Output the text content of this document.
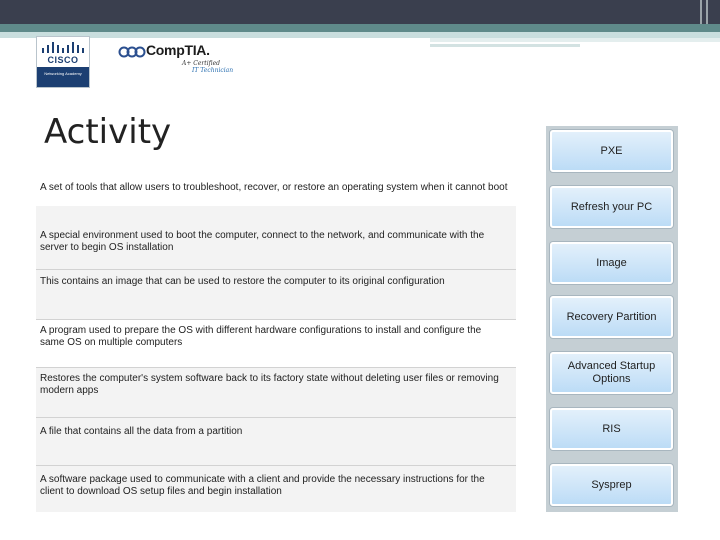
CISCO
Networking Academy
CompTIA.
A+ Certified
IT Technician
Activity
A set of tools that allow users to troubleshoot, recover, or restore an operating system when it cannot boot
A special environment used to boot the computer, connect to the network, and communicate with the server to begin OS installation
This contains an image that can be used to restore the computer to its original configuration
A program used to prepare the OS with different hardware configurations to install and configure the same OS on multiple computers
Restores the computer's system software back to its factory state without deleting user files or removing modern apps
A file that contains all the data from a partition
A software package used to communicate with a client and provide the necessary instructions for the client to download OS setup files and begin installation
PXE
Refresh your PC
Image
Recovery Partition
Advanced Startup Options
RIS
Sysprep
